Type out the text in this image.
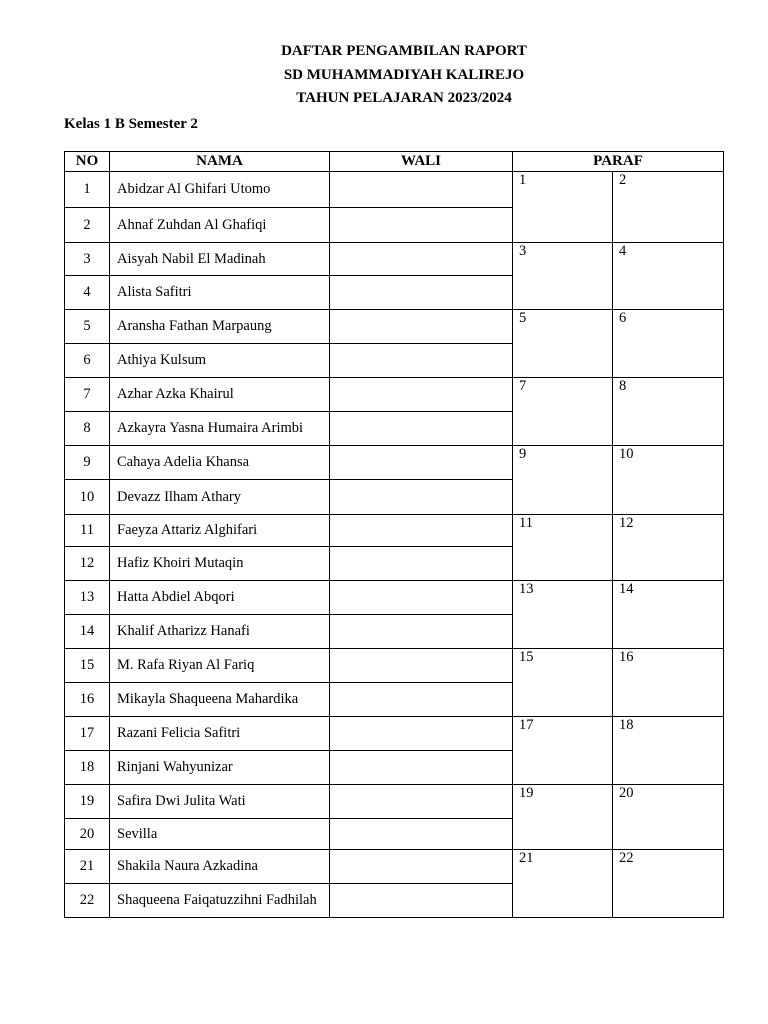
DAFTAR PENGAMBILAN RAPORT
SD MUHAMMADIYAH KALIREJO
TAHUN PELAJARAN 2023/2024
Kelas 1 B Semester 2
NO	NAMA	WALI	PARAF	
1	Abidzar Al Ghifari Utomo		1	2
2	Ahnaf Zuhdan Al Ghafiqi			
3	Aisyah Nabil El Madinah		3	4
4	Alista Safitri			
5	Aransha Fathan Marpaung		5	6
6	Athiya Kulsum			
7	Azhar Azka Khairul		7	8
8	Azkayra Yasna Humaira Arimbi			
9	Cahaya Adelia Khansa		9	10
10	Devazz Ilham Athary			
11	Faeyza Attariz Alghifari		11	12
12	Hafiz Khoiri Mutaqin			
13	Hatta Abdiel Abqori		13	14
14	Khalif Atharizz Hanafi			
15	M. Rafa Riyan Al Fariq		15	16
16	Mikayla Shaqueena Mahardika			
17	Razani Felicia Safitri		17	18
18	Rinjani Wahyunizar			
19	Safira Dwi Julita Wati		19	20
20	Sevilla			
21	Shakila Naura Azkadina		21	22
22	Shaqueena Faiqatuzzihni Fadhilah			
